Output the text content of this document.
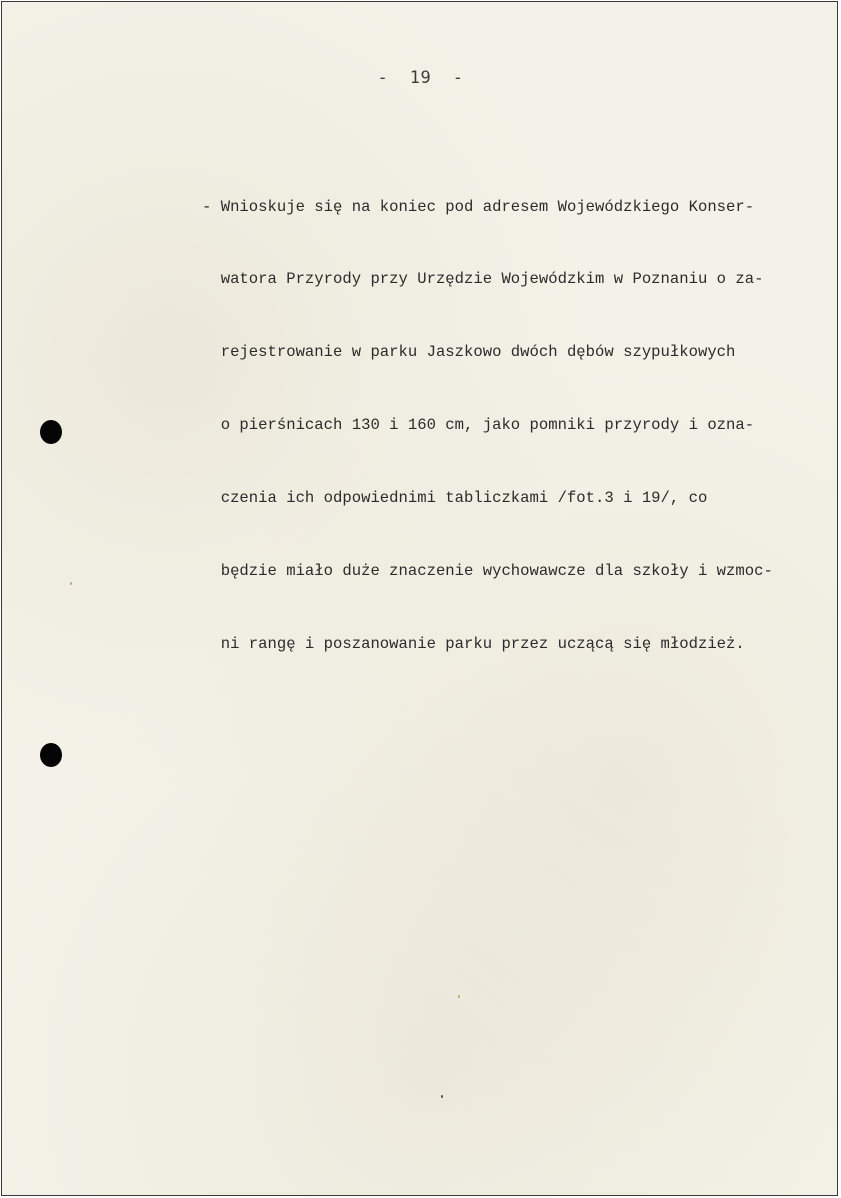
-  19  -

- Wnioskuje się na koniec pod adresem Wojewódzkiego Konser-

watora Przyrody przy Urzędzie Wojewódzkim w Poznaniu o za-

rejestrowanie w parku Jaszkowo dwóch dębów szypułkowych

o pierśnicach 130 i 160 cm, jako pomniki przyrody i ozna-

czenia ich odpowiednimi tabliczkami /fot.3 i 19/, co

będzie miało duże znaczenie wychowawcze dla szkoły i wzmoc-

ni rangę i poszanowanie parku przez uczącą się młodzież.
